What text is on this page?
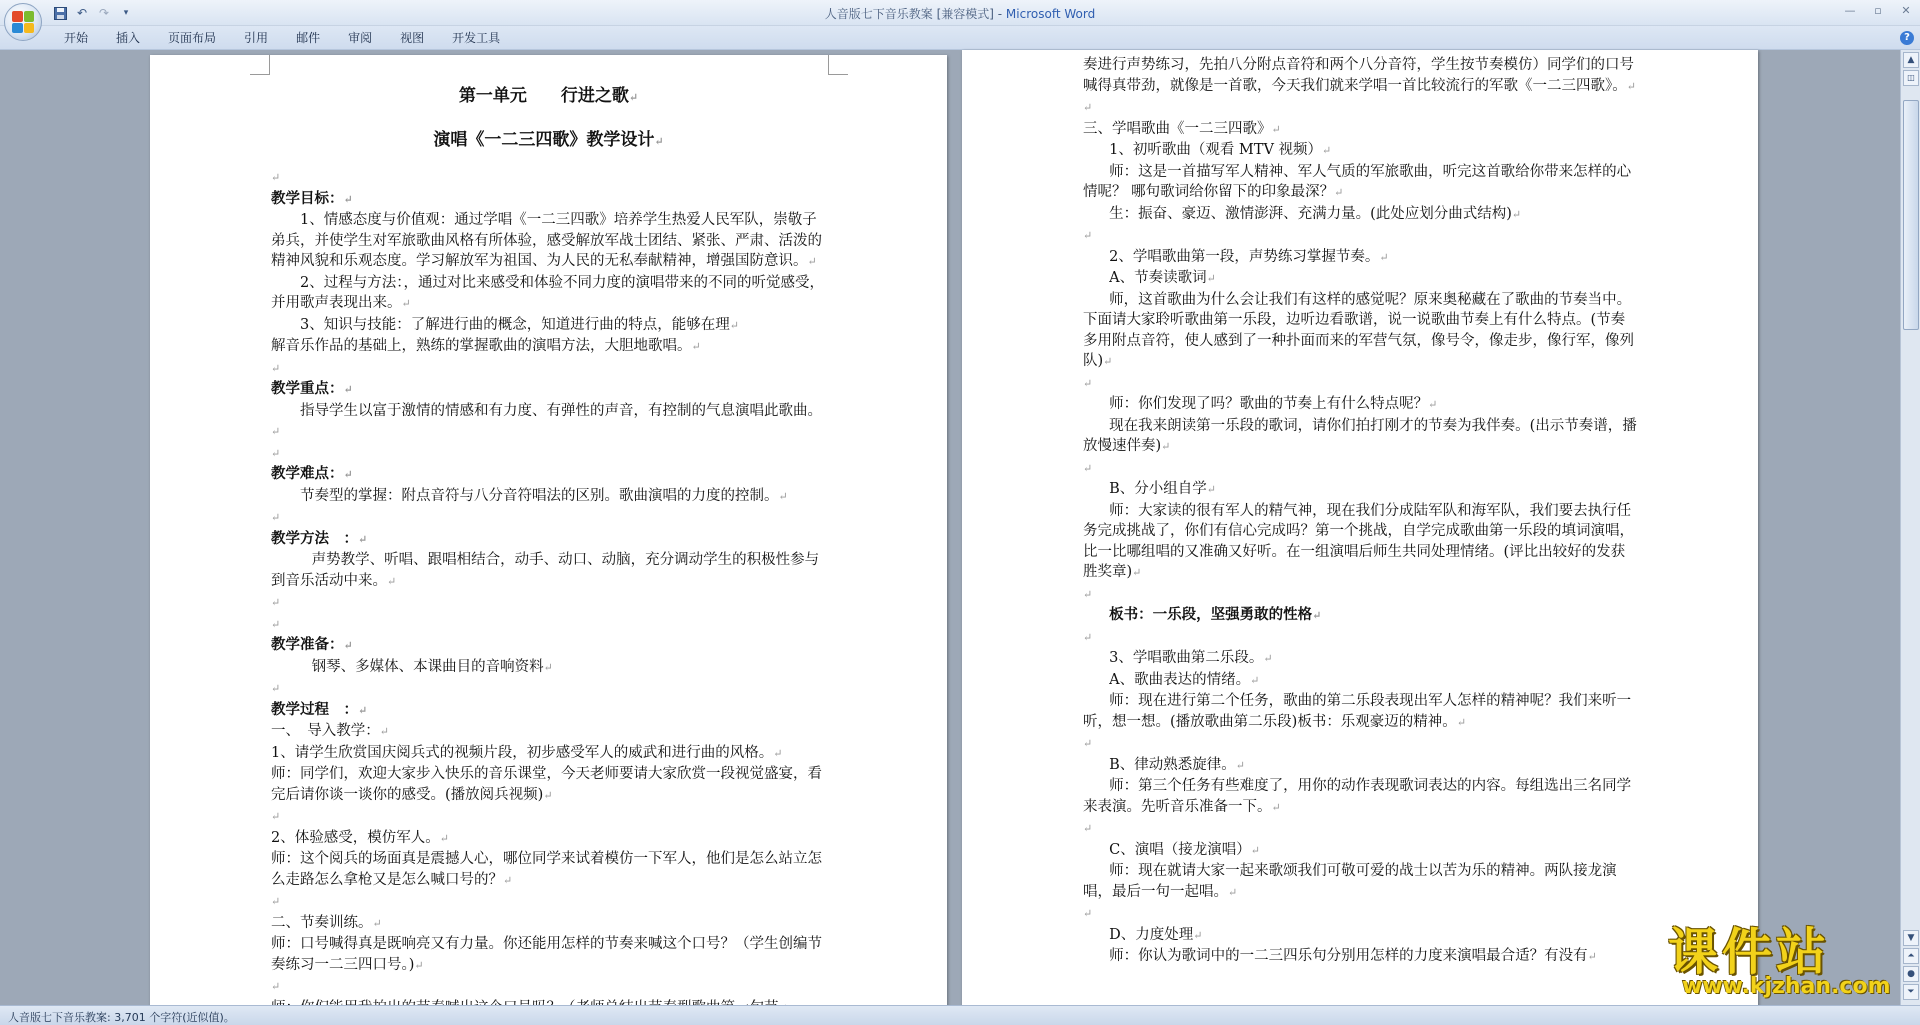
↶ ↷	▾	人音版七下音乐教案 [兼容模式] - Microsoft Word	—	▫	✕
开始	插入	页面布局	引用	邮件	审阅	视图	开发工具	?

第一单元　　行进之歌↵

演唱《一二三四歌》教学设计↵

↵

教学目标：↵

1、情感态度与价值观：通过学唱《一二三四歌》培养学生热爱人民军队，崇敬子弟兵，并使学生对军旅歌曲风格有所体验，感受解放军战士团结、紧张、严肃、活泼的精神风貌和乐观态度。学习解放军为祖国、为人民的无私奉献精神，增强国防意识。↵

2、过程与方法：，通过对比来感受和体验不同力度的演唱带来的不同的听觉感受，并用歌声表现出来。↵

3、知识与技能：了解进行曲的概念，知道进行曲的特点，能够在理↵

解音乐作品的基础上，熟练的掌握歌曲的演唱方法，大胆地歌唱。↵

↵

教学重点：↵

指导学生以富于激情的情感和有力度、有弹性的声音，有控制的气息演唱此歌曲。↵

↵

教学难点：↵

节奏型的掌握：附点音符与八分音符唱法的区别。歌曲演唱的力度的控制。↵

↵

教学方法　：↵

声势教学、听唱、跟唱相结合，动手、动口、动脑，充分调动学生的积极性参与到音乐活动中来。↵

↵

↵

教学准备：↵

钢琴、多媒体、本课曲目的音响资料↵

↵

教学过程　：↵

一、　导入教学：↵

1、请学生欣赏国庆阅兵式的视频片段，初步感受军人的威武和进行曲的风格。↵

师：同学们，欢迎大家步入快乐的音乐课堂，今天老师要请大家欣赏一段视觉盛宴，看完后请你谈一谈你的感受。(播放阅兵视频)↵

↵

2、体验感受，模仿军人。↵

师：这个阅兵的场面真是震撼人心，哪位同学来试着模仿一下军人，他们是怎么站立怎么走路怎么拿枪又是怎么喊口号的？↵

↵

二、节奏训练。↵

师：口号喊得真是既响亮又有力量。你还能用怎样的节奏来喊这个口号？（学生创编节奏练习一二三四口号。)↵

↵

奏进行声势练习，先拍八分附点音符和两个八分音符，学生按节奏模仿）同学们的口号喊得真带劲，就像是一首歌，今天我们就来学唱一首比较流行的军歌《一二三四歌》。↵

↵

三、学唱歌曲《一二三四歌》↵

1、初听歌曲（观看 MTV 视频）↵

师：这是一首描写军人精神、军人气质的军旅歌曲，听完这首歌给你带来怎样的心情呢？ 哪句歌词给你留下的印象最深？↵

生：振奋、豪迈、激情澎湃、充满力量。(此处应划分曲式结构)↵

↵

2、学唱歌曲第一段，声势练习掌握节奏。↵

A、节奏读歌词↵

师，这首歌曲为什么会让我们有这样的感觉呢？原来奥秘藏在了歌曲的节奏当中。下面请大家聆听歌曲第一乐段，边听边看歌谱，说一说歌曲节奏上有什么特点。(节奏多用附点音符，使人感到了一种扑面而来的军营气氛，像号令，像走步，像行军，像列队)↵

↵

师：你们发现了吗？歌曲的节奏上有什么特点呢？↵

现在我来朗读第一乐段的歌词，请你们拍打刚才的节奏为我伴奏。(出示节奏谱，播放慢速伴奏)↵

↵

B、分小组自学↵

师：大家读的很有军人的精气神，现在我们分成陆军队和海军队，我们要去执行任务完成挑战了，你们有信心完成吗？第一个挑战，自学完成歌曲第一乐段的填词演唱，比一比哪组唱的又准确又好听。在一组演唱后师生共同处理情绪。(评比出较好的发获胜奖章)↵

↵

板书：一乐段，坚强勇敢的性格↵

↵

3、学唱歌曲第二乐段。↵

A、歌曲表达的情绪。↵

师：现在进行第二个任务，歌曲的第二乐段表现出军人怎样的精神呢？我们来听一听，想一想。(播放歌曲第二乐段)板书：乐观豪迈的精神。↵

↵

B、律动熟悉旋律。↵

师：第三个任务有些难度了，用你的动作表现歌词表达的内容。每组选出三名同学来表演。先听音乐准备一下。↵

↵

C、演唱（接龙演唱）↵

师：现在就请大家一起来歌颂我们可敬可爱的战士以苦为乐的精神。两队接龙演唱，最后一句一起唱。↵

↵

D、力度处理↵

师：你认为歌词中的一二三四乐句分别用怎样的力度来演唱最合适？有没有↵

▲
◫
▼
⏶
●
⏷
课件站
www.kjzhan.com
人音版七下音乐教案: 3,701 个字符(近似值)。
